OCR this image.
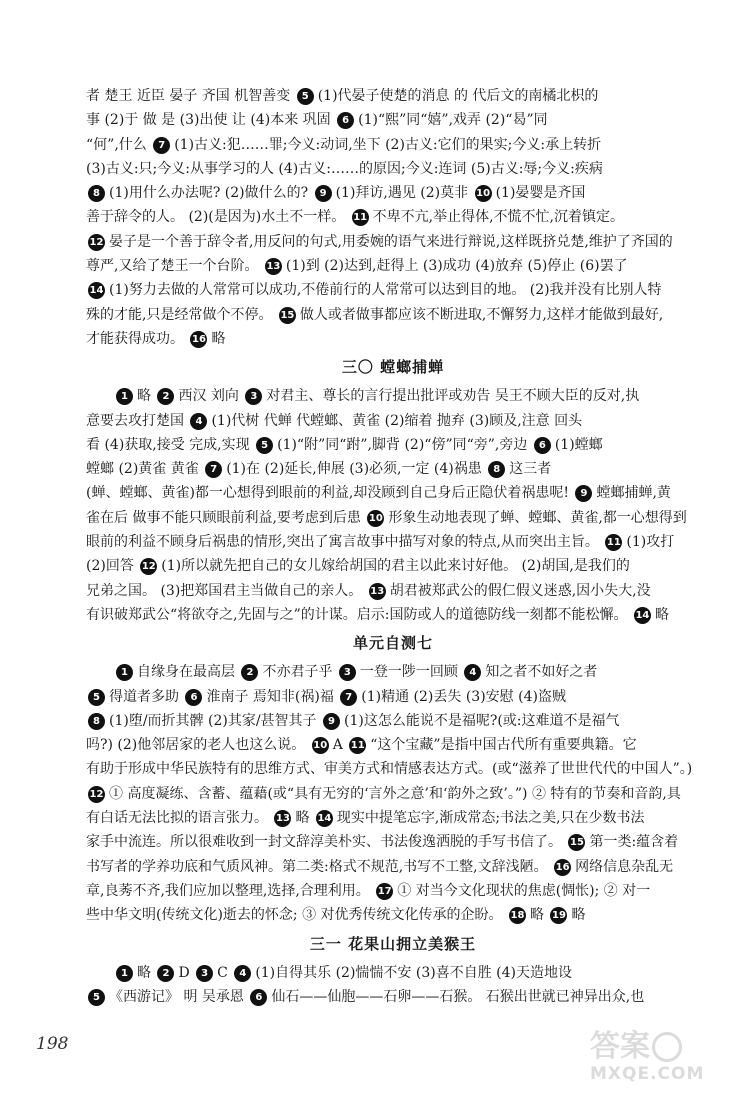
者 楚王 近臣 晏子 齐国 机智善变 5 (1)代晏子使楚的消息 的 代后文的南橘北枳的
事 (2)于 做 是 (3)出使 让 (4)本来 巩固 6 (1)“熙”同“嬉”,戏弄 (2)“曷”同
“何”,什么 7 (1)古义:犯……罪;今义:动词,坐下 (2)古义:它们的果实;今义:承上转折
(3)古义:只;今义:从事学习的人 (4)古义:……的原因;今义:连词 (5)古义:辱;今义:疾病
8 (1)用什么办法呢? (2)做什么的? 9 (1)拜访,遇见 (2)莫非 10 (1)晏婴是齐国
善于辞令的人。 (2)(是因为)水土不一样。 11 不卑不亢,举止得体,不慌不忙,沉着镇定。
12 晏子是一个善于辞令者,用反问的句式,用委婉的语气来进行辩说,这样既挤兑楚,维护了齐国的
尊严,又给了楚王一个台阶。 13 (1)到 (2)达到,赶得上 (3)成功 (4)放弃 (5)停止 (6)罢了
14 (1)努力去做的人常常可以成功,不倦前行的人常常可以达到目的地。 (2)我并没有比别人特
殊的才能,只是经常做个不停。 15 做人或者做事都应该不断进取,不懈努力,这样才能做到最好,
才能获得成功。 16 略
三〇 螳螂捕蝉
1 略 2 西汉 刘向 3 对君主、尊长的言行提出批评或劝告 吴王不顾大臣的反对,执
意要去攻打楚国 4 (1)代树 代蝉 代螳螂、黄雀 (2)缩着 抛弃 (3)顾及,注意 回头
看 (4)获取,接受 完成,实现 5 (1)“附”同“跗”,脚背 (2)“傍”同“旁”,旁边 6 (1)螳螂
螳螂 (2)黄雀 黄雀 7 (1)在 (2)延长,伸展 (3)必须,一定 (4)祸患 8 这三者
(蝉、螳螂、黄雀)都一心想得到眼前的利益,却没顾到自己身后正隐伏着祸患呢! 9 螳螂捕蝉,黄
雀在后 做事不能只顾眼前利益,要考虑到后患 10 形象生动地表现了蝉、螳螂、黄雀,都一心想得到
眼前的利益不顾身后祸患的情形,突出了寓言故事中描写对象的特点,从而突出主旨。 11 (1)攻打
(2)回答 12 (1)所以就先把自己的女儿嫁给胡国的君主以此来讨好他。 (2)胡国,是我们的
兄弟之国。 (3)把郑国君主当做自己的亲人。 13 胡君被郑武公的假仁假义迷惑,因小失大,没
有识破郑武公“将欲夺之,先固与之”的计谋。启示:国防或人的道德防线一刻都不能松懈。 14 略
单元自测七
1 自缘身在最高层 2 不亦君子乎 3 一登一陟一回顾 4 知之者不如好之者
5 得道者多助 6 淮南子 焉知非(祸)福 7 (1)精通 (2)丢失 (3)安慰 (4)盗贼
8 (1)堕/而折其髀 (2)其家/甚智其子 9 (1)这怎么能说不是福呢?(或:这难道不是福气
吗?) (2)他邻居家的老人也这么说。 10 A 11 “这个宝藏”是指中国古代所有重要典籍。它
有助于形成中华民族特有的思维方式、审美方式和情感表达方式。(或“滋养了世世代代的中国人”。)
12 ① 高度凝练、含蓄、蕴藉(或“具有无穷的‘言外之意’和‘韵外之致’。”) ② 特有的节奏和音韵,具
有白话无法比拟的语言张力。 13 略 14 现实中提笔忘字,渐成常态;书法之美,只在少数书法
家手中流连。所以很难收到一封文辞淳美朴实、书法俊逸洒脱的手写书信了。 15 第一类:蕴含着
书写者的学养功底和气质风神。第二类:格式不规范,书写不工整,文辞浅陋。 16 网络信息杂乱无
章,良莠不齐,我们应加以整理,选择,合理利用。 17 ① 对当今文化现状的焦虑(惆怅); ② 对一
些中华文明(传统文化)逝去的怀念; ③ 对优秀传统文化传承的企盼。 18 略 19 略
三一 花果山拥立美猴王
1 略 2 D 3 C 4 (1)自得其乐 (2)惴惴不安 (3)喜不自胜 (4)天造地设
5 《西游记》 明 吴承恩 6 仙石——仙胞——石卵——石猴。 石猴出世就已神异出众,也
198	答案
MXQE.COM
